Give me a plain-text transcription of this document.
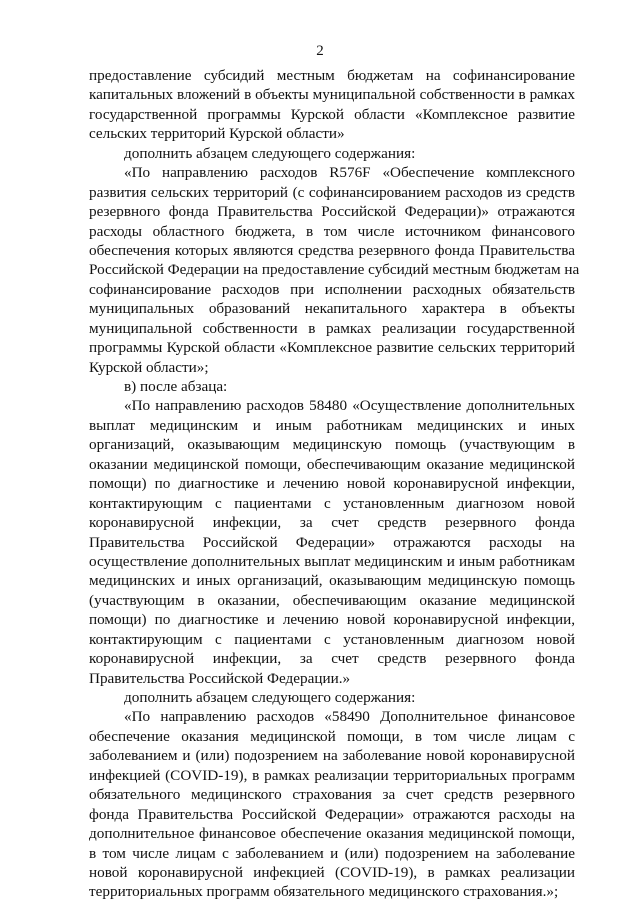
2
предоставление субсидий местным бюджетам на софинансирование
капитальных вложений в объекты муниципальной собственности в рамках
государственной программы Курской области «Комплексное развитие
сельских территорий Курской области»
дополнить абзацем следующего содержания:
«По направлению расходов R576F «Обеспечение комплексного
развития сельских территорий (с софинансированием расходов из средств
резервного фонда Правительства Российской Федерации)» отражаются
расходы областного бюджета, в том числе источником финансового
обеспечения которых являются средства резервного фонда Правительства
Российской Федерации на предоставление субсидий местным бюджетам на
софинансирование расходов при исполнении расходных обязательств
муниципальных образований некапитального характера в объекты
муниципальной собственности в рамках реализации государственной
программы Курской области «Комплексное развитие сельских территорий
Курской области»;
в) после абзаца:
«По направлению расходов 58480 «Осуществление дополнительных
выплат медицинским и иным работникам медицинских и иных
организаций, оказывающим медицинскую помощь (участвующим в
оказании медицинской помощи, обеспечивающим оказание медицинской
помощи) по диагностике и лечению новой коронавирусной инфекции,
контактирующим с пациентами с установленным диагнозом новой
коронавирусной инфекции, за счет средств резервного фонда
Правительства Российской Федерации» отражаются расходы на
осуществление дополнительных выплат медицинским и иным работникам
медицинских и иных организаций, оказывающим медицинскую помощь
(участвующим в оказании, обеспечивающим оказание медицинской
помощи) по диагностике и лечению новой коронавирусной инфекции,
контактирующим с пациентами с установленным диагнозом новой
коронавирусной инфекции, за счет средств резервного фонда
Правительства Российской Федерации.»
дополнить абзацем следующего содержания:
«По направлению расходов «58490 Дополнительное финансовое
обеспечение оказания медицинской помощи, в том числе лицам с
заболеванием и (или) подозрением на заболевание новой коронавирусной
инфекцией (COVID-19), в рамках реализации территориальных программ
обязательного медицинского страхования за счет средств резервного
фонда Правительства Российской Федерации» отражаются расходы на
дополнительное финансовое обеспечение оказания медицинской помощи,
в том числе лицам с заболеванием и (или) подозрением на заболевание
новой коронавирусной инфекцией (COVID-19), в рамках реализации
территориальных программ обязательного медицинского страхования.»;
